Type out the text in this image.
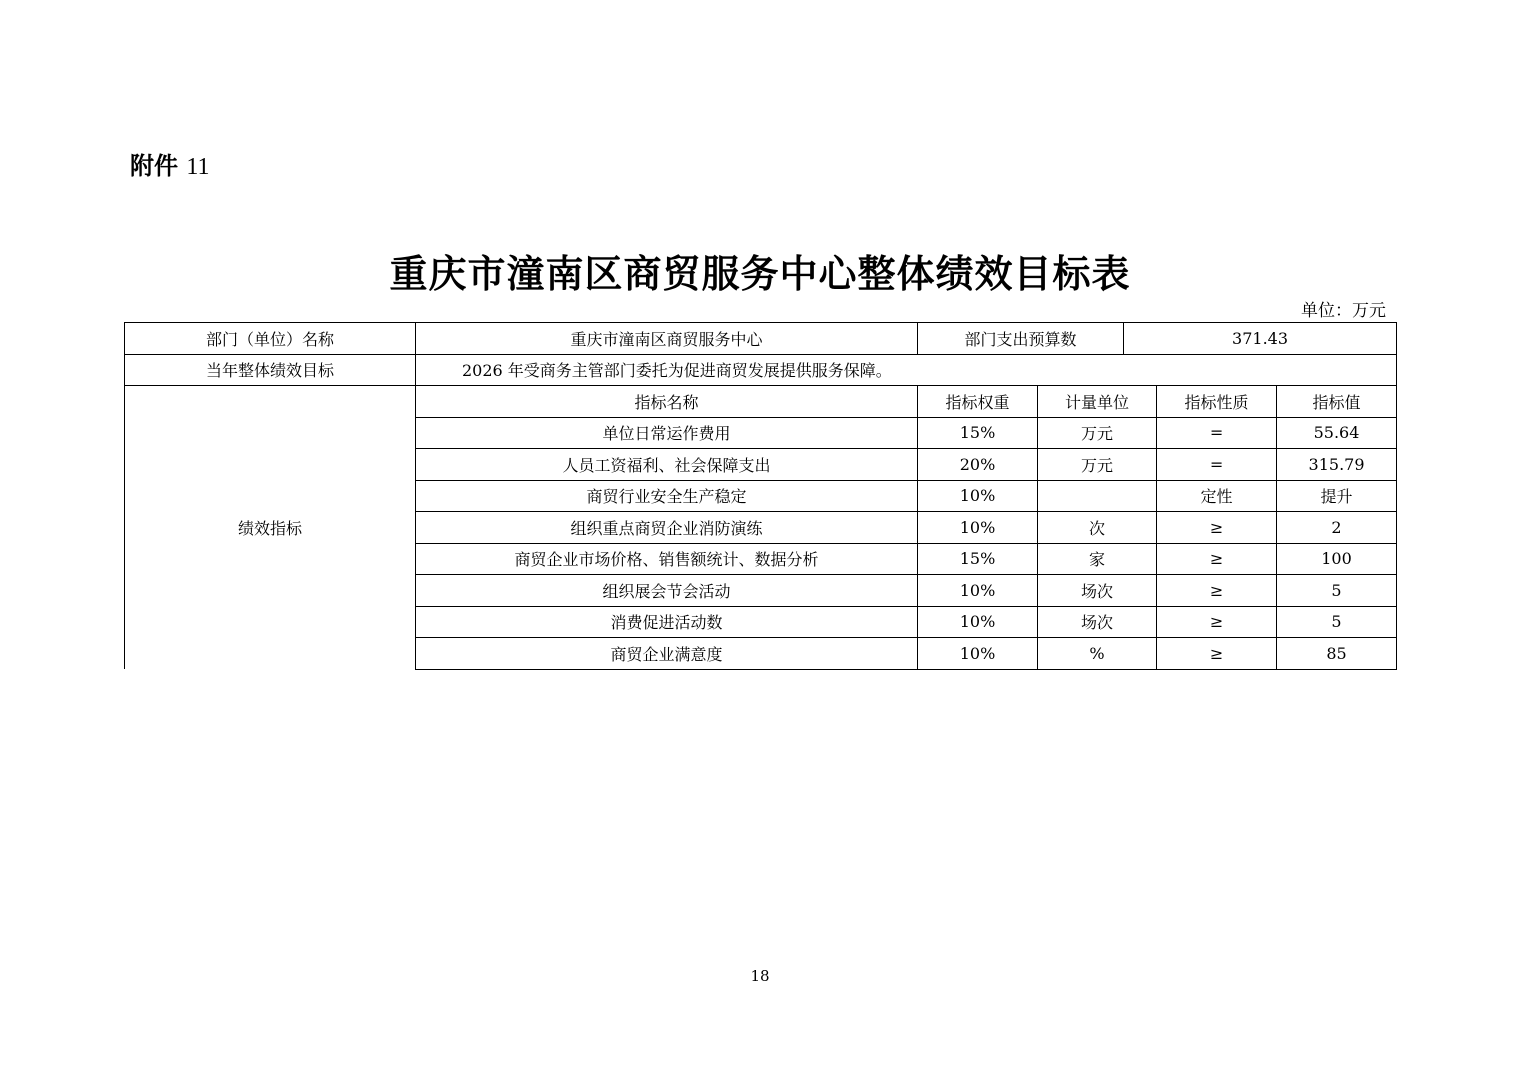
附件 11
重庆市潼南区商贸服务中心整体绩效目标表
单位：万元
部门（单位）名称	重庆市潼南区商贸服务中心	部门支出预算数		371.43		
当年整体绩效目标	2026 年受商务主管部门委托为促进商贸发展提供服务保障。					
绩效指标	指标名称	指标权重	计量单位		指标性质	指标值
	单位日常运作费用	15%	万元		=	55.64
	人员工资福利、社会保障支出	20%	万元		=	315.79
	商贸行业安全生产稳定	10%			定性	提升
	组织重点商贸企业消防演练	10%	次		≥	2
	商贸企业市场价格、销售额统计、数据分析	15%	家		≥	100
	组织展会节会活动	10%	场次		≥	5
	消费促进活动数	10%	场次		≥	5
	商贸企业满意度	10%	%		≥	85
18
